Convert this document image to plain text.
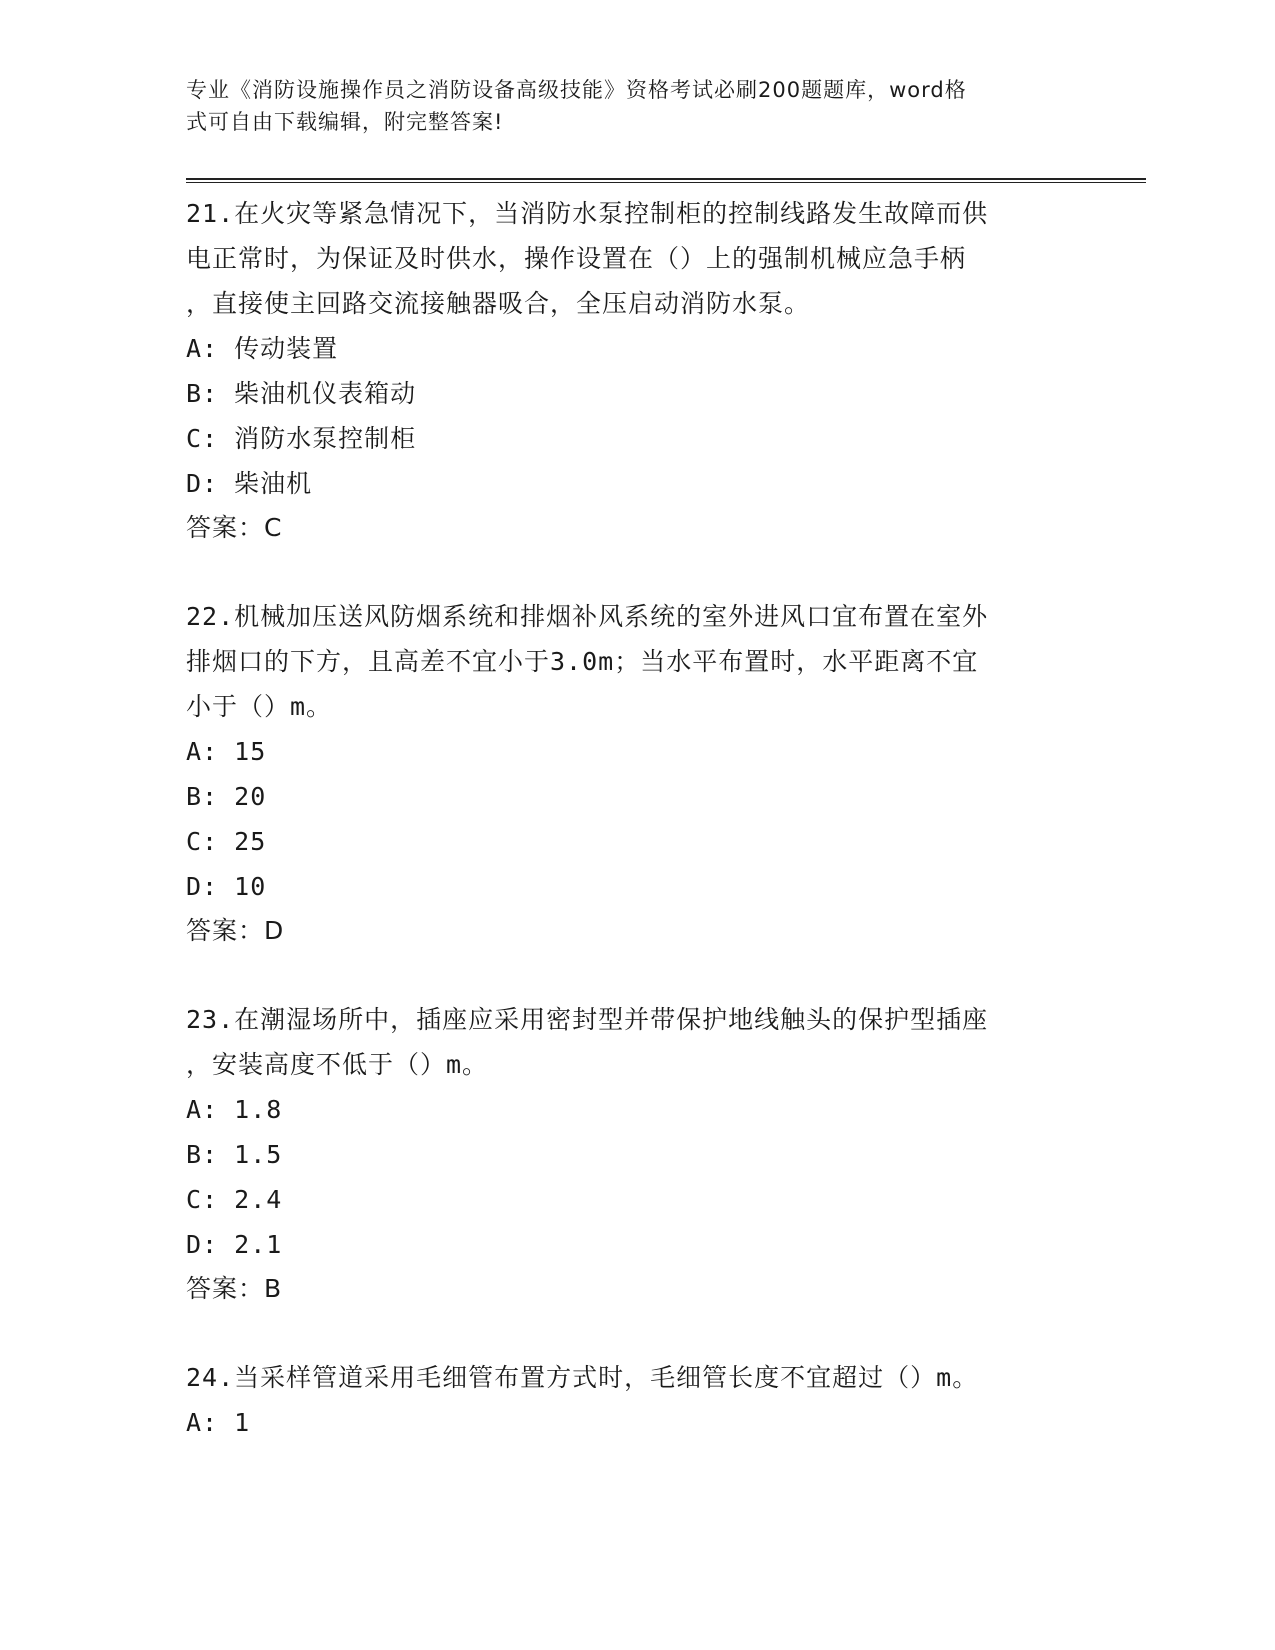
专业《消防设施操作员之消防设备高级技能》资格考试必刷200题题库，word格
式可自由下载编辑，附完整答案!
21.在火灾等紧急情况下，当消防水泵控制柜的控制线路发生故障而供
电正常时，为保证及时供水，操作设置在（）上的强制机械应急手柄
，直接使主回路交流接触器吸合，全压启动消防水泵。
A: 传动装置
B: 柴油机仪表箱动
C: 消防水泵控制柜
D: 柴油机
答案：C
22.机械加压送风防烟系统和排烟补风系统的室外进风口宜布置在室外
排烟口的下方，且高差不宜小于3.0m；当水平布置时，水平距离不宜
小于（）m。
A: 15
B: 20
C: 25
D: 10
答案：D
23.在潮湿场所中，插座应采用密封型并带保护地线触头的保护型插座
，安装高度不低于（）m。
A: 1.8
B: 1.5
C: 2.4
D: 2.1
答案：B
24.当采样管道采用毛细管布置方式时，毛细管长度不宜超过（）m。
A: 1
